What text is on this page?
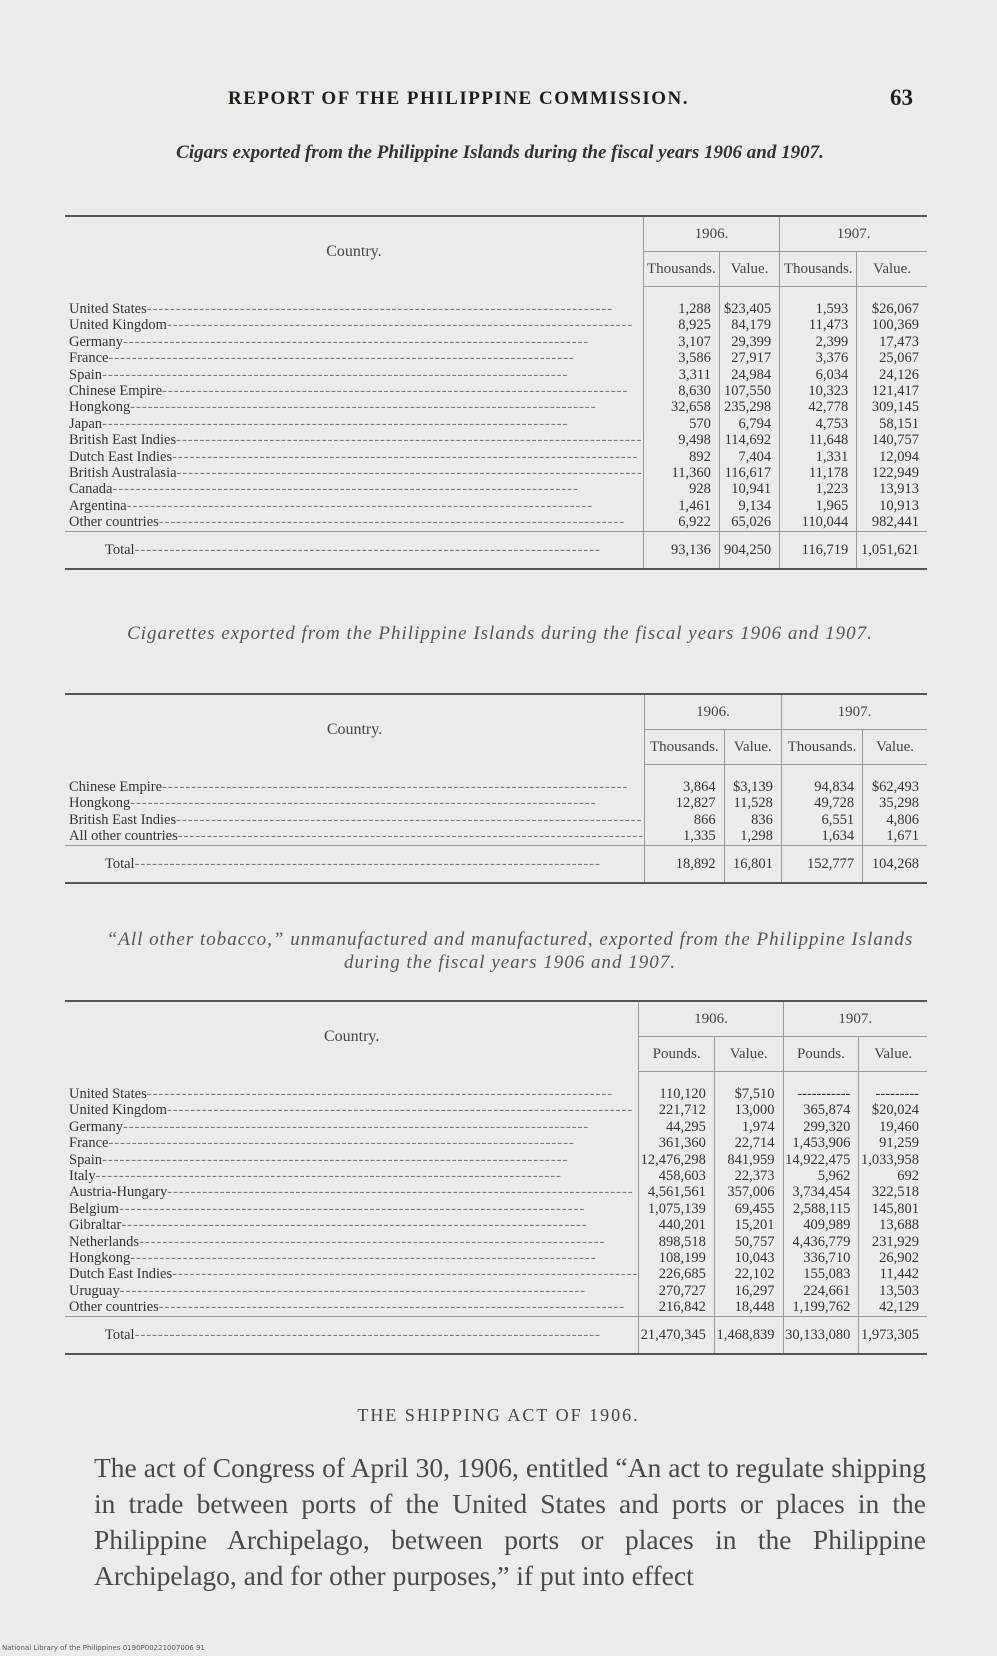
REPORT OF THE PHILIPPINE COMMISSION.	63
Cigars exported from the Philippine Islands during the fiscal years 1906 and 1907.
Country.	1906.		1907.	
	Thousands.	Value.	Thousands.	Value.
United States--------------------------------------------------------------------------------	1,288	$23,405	1,593	$26,067
United Kingdom--------------------------------------------------------------------------------	8,925	84,179	11,473	100,369
Germany--------------------------------------------------------------------------------	3,107	29,399	2,399	17,473
France--------------------------------------------------------------------------------	3,586	27,917	3,376	25,067
Spain--------------------------------------------------------------------------------	3,311	24,984	6,034	24,126
Chinese Empire--------------------------------------------------------------------------------	8,630	107,550	10,323	121,417
Hongkong--------------------------------------------------------------------------------	32,658	235,298	42,778	309,145
Japan--------------------------------------------------------------------------------	570	6,794	4,753	58,151
British East Indies--------------------------------------------------------------------------------	9,498	114,692	11,648	140,757
Dutch East Indies--------------------------------------------------------------------------------	892	7,404	1,331	12,094
British Australasia--------------------------------------------------------------------------------	11,360	116,617	11,178	122,949
Canada--------------------------------------------------------------------------------	928	10,941	1,223	13,913
Argentina--------------------------------------------------------------------------------	1,461	9,134	1,965	10,913
Other countries--------------------------------------------------------------------------------	6,922	65,026	110,044	982,441
Total--------------------------------------------------------------------------------	93,136	904,250	116,719	1,051,621

Cigarettes exported from the Philippine Islands during the fiscal years 1906 and 1907.
Country.	1906.		1907.	
	Thousands.	Value.	Thousands.	Value.
Chinese Empire--------------------------------------------------------------------------------	3,864	$3,139	94,834	$62,493
Hongkong--------------------------------------------------------------------------------	12,827	11,528	49,728	35,298
British East Indies--------------------------------------------------------------------------------	866	836	6,551	4,806
All other countries--------------------------------------------------------------------------------	1,335	1,298	1,634	1,671
Total--------------------------------------------------------------------------------	18,892	16,801	152,777	104,268

“All other tobacco,” unmanufactured and manufactured, exported from the Philippine Islands during the fiscal years 1906 and 1907.
Country.	1906.		1907.	
	Pounds.	Value.	Pounds.	Value.
United States--------------------------------------------------------------------------------	110,120	$7,510	-----------	---------
United Kingdom--------------------------------------------------------------------------------	221,712	13,000	365,874	$20,024
Germany--------------------------------------------------------------------------------	44,295	1,974	299,320	19,460
France--------------------------------------------------------------------------------	361,360	22,714	1,453,906	91,259
Spain--------------------------------------------------------------------------------	12,476,298	841,959	14,922,475	1,033,958
Italy--------------------------------------------------------------------------------	458,603	22,373	5,962	692
Austria-Hungary--------------------------------------------------------------------------------	4,561,561	357,006	3,734,454	322,518
Belgium--------------------------------------------------------------------------------	1,075,139	69,455	2,588,115	145,801
Gibraltar--------------------------------------------------------------------------------	440,201	15,201	409,989	13,688
Netherlands--------------------------------------------------------------------------------	898,518	50,757	4,436,779	231,929
Hongkong--------------------------------------------------------------------------------	108,199	10,043	336,710	26,902
Dutch East Indies--------------------------------------------------------------------------------	226,685	22,102	155,083	11,442
Uruguay--------------------------------------------------------------------------------	270,727	16,297	224,661	13,503
Other countries--------------------------------------------------------------------------------	216,842	18,448	1,199,762	42,129
Total--------------------------------------------------------------------------------	21,470,345	1,468,839	30,133,080	1,973,305

THE SHIPPING ACT OF 1906.
The act of Congress of April 30, 1906, entitled “An act to regulate shipping in trade between ports of the United States and ports or places in the Philippine Archipelago, between ports or places in the Philippine Archipelago, and for other purposes,” if put into effect
National Library of the Philippines 0190P00221007006 91
